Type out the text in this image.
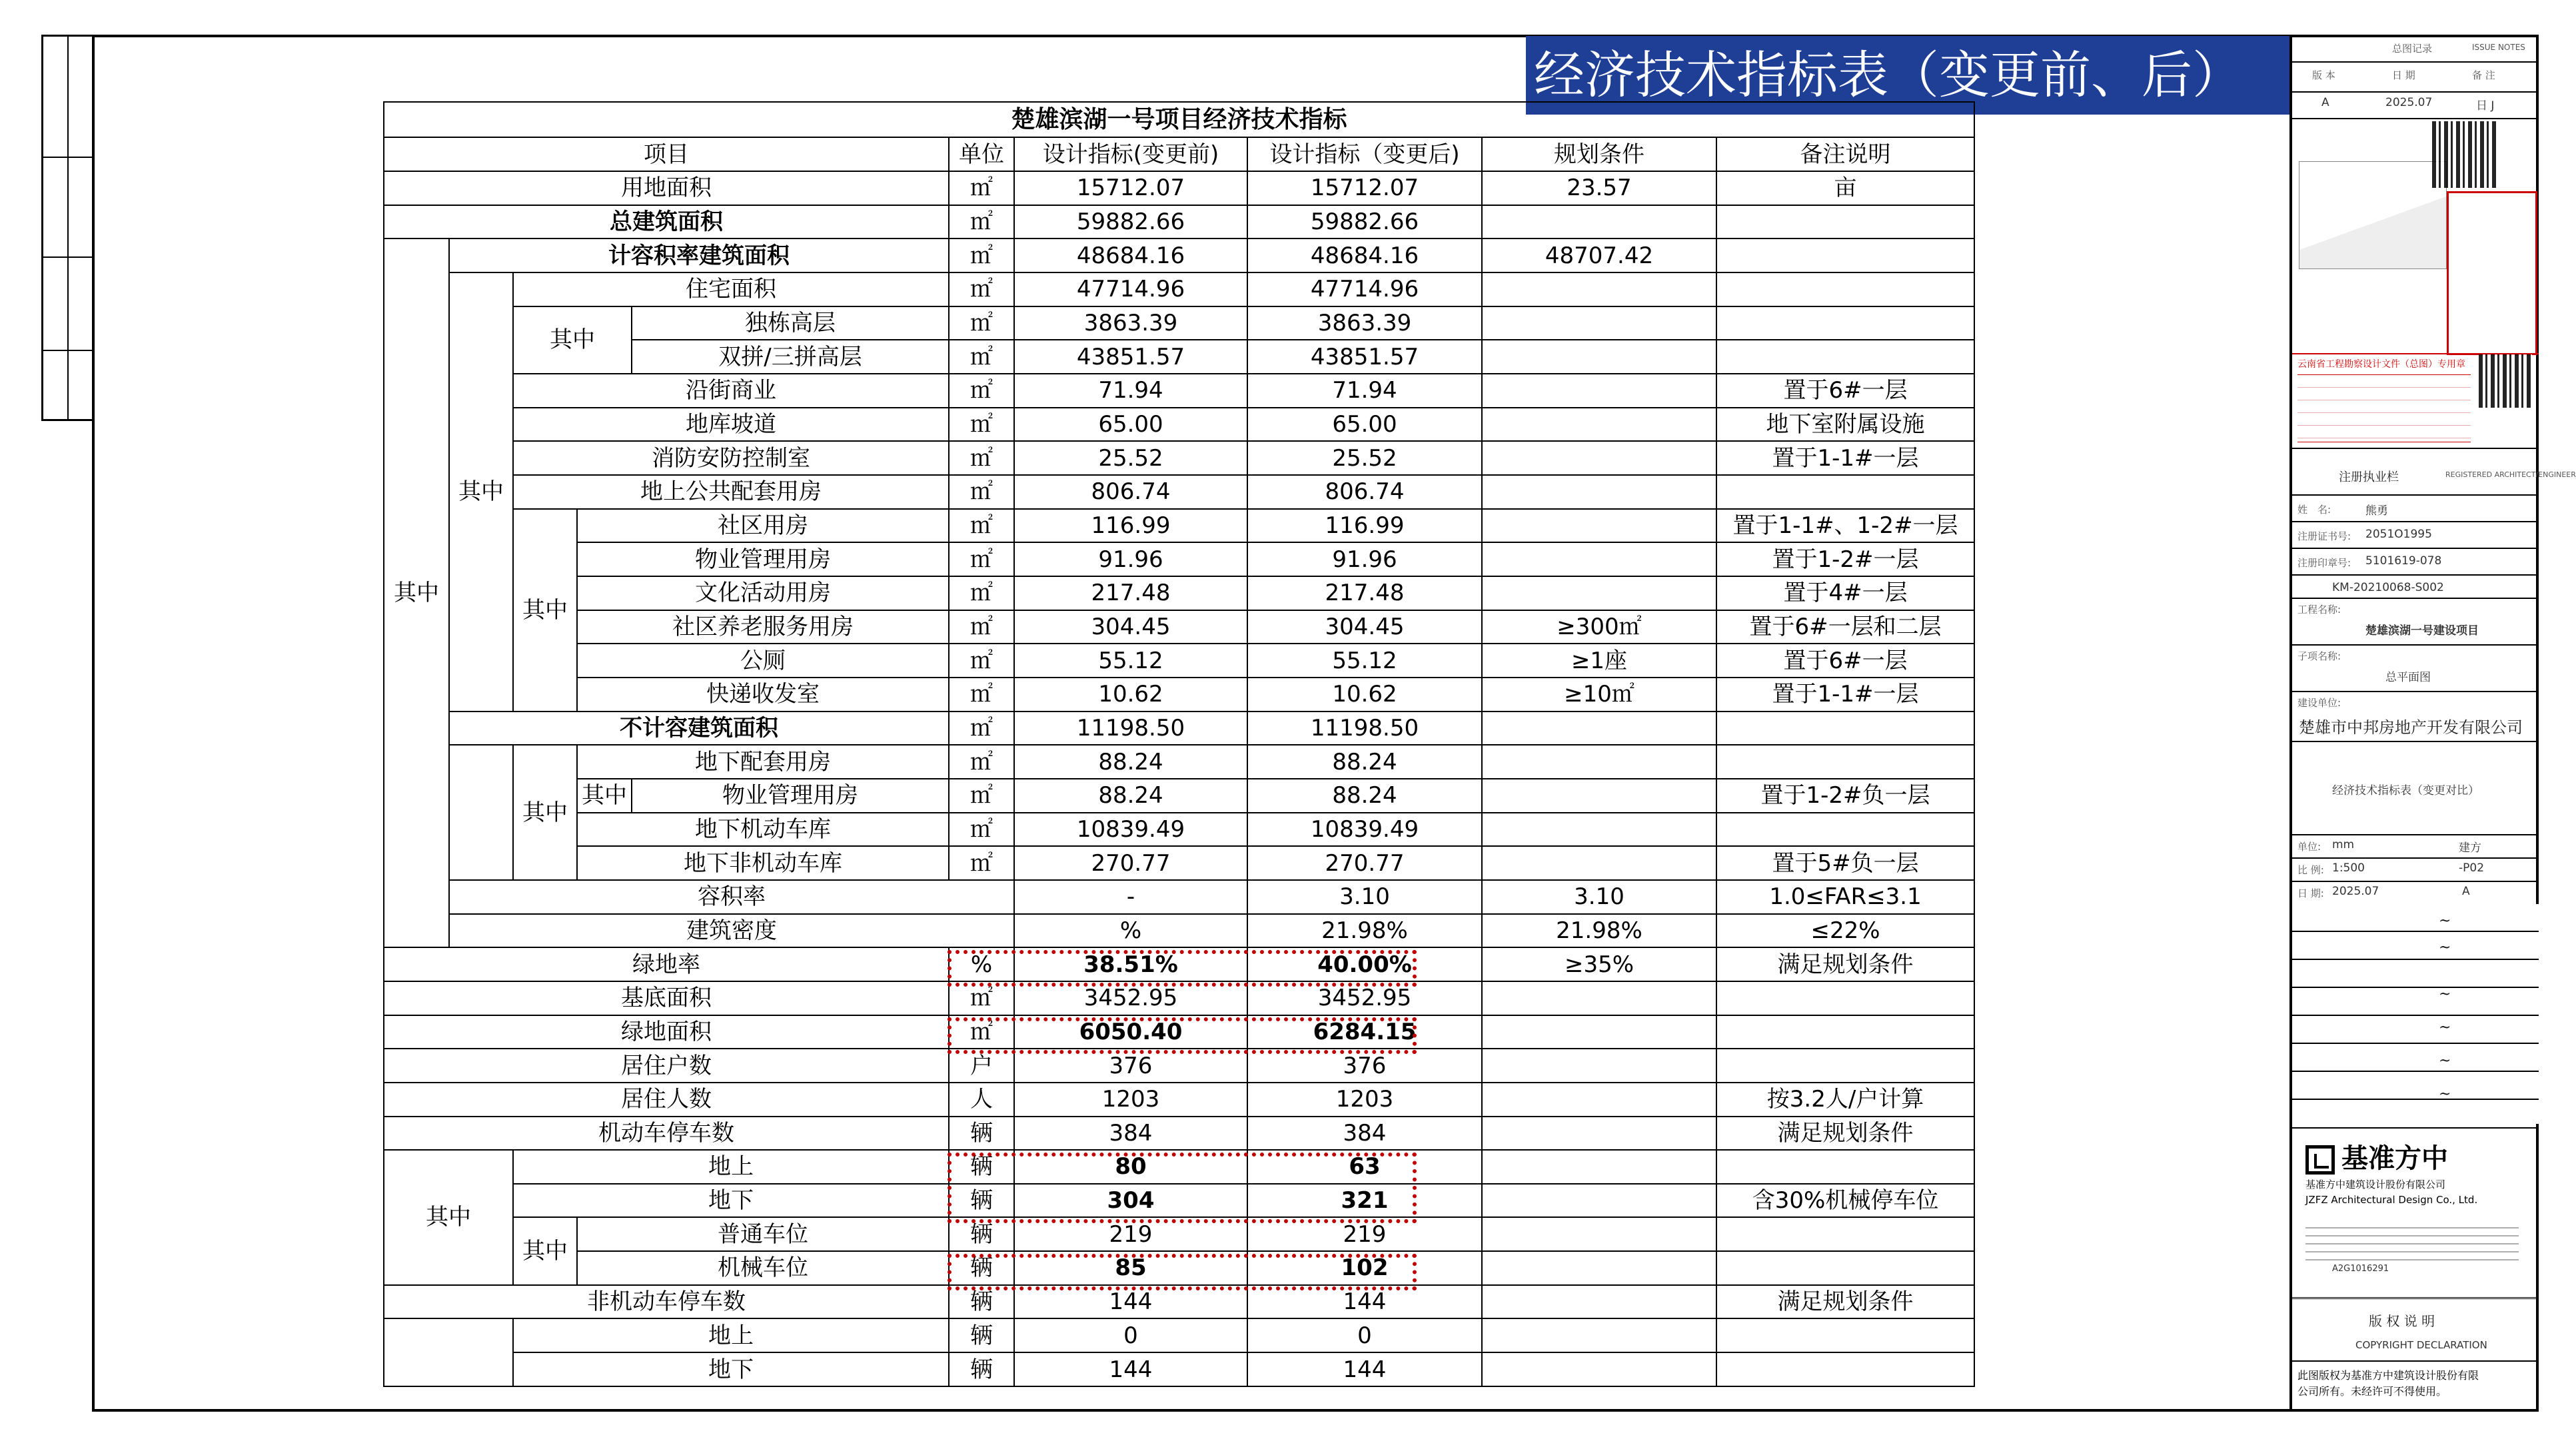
经济技术指标表（变更前、后）
楚雄滨湖一号项目经济技术指标										
项目					单位	设计指标(变更前)	设计指标（变更后)	规划条件	备注说明	
用地面积					㎡	15712.07	15712.07	23.57	亩	
总建筑面积					㎡	59882.66	59882.66			
其中	计容积率建筑面积				㎡	48684.16	48684.16	48707.42		
	其中	住宅面积			㎡	47714.96	47714.96			
		其中		独栋高层	㎡	3863.39	3863.39			
				双拼/三拼高层	㎡	43851.57	43851.57			
		沿街商业			㎡	71.94	71.94		置于6#一层	
		地库坡道			㎡	65.00	65.00		地下室附属设施	
		消防安防控制室			㎡	25.52	25.52		置于1-1#一层	
		地上公共配套用房			㎡	806.74	806.74			
		其中	社区用房		㎡	116.99	116.99		置于1-1#、1-2#一层	
			物业管理用房		㎡	91.96	91.96		置于1-2#一层	
			文化活动用房		㎡	217.48	217.48		置于4#一层	
			社区养老服务用房		㎡	304.45	304.45	≥300㎡	置于6#一层和二层	
			公厕		㎡	55.12	55.12	≥1座	置于6#一层	
			快递收发室		㎡	10.62	10.62	≥10㎡	置于1-1#一层	
	不计容建筑面积				㎡	11198.50	11198.50			
		其中	地下配套用房		㎡	88.24	88.24			
			其中	物业管理用房	㎡	88.24	88.24		置于1-2#负一层	
			地下机动车库		㎡	10839.49	10839.49			
			地下非机动车库		㎡	270.77	270.77		置于5#负一层	
	容积率					-	3.10	3.10	1.0≤FAR≤3.1	
	建筑密度					%	21.98%	21.98%	≤22%	
绿地率					%	38.51%	40.00%	≥35%	满足规划条件	
基底面积					㎡	3452.95	3452.95			
绿地面积					㎡	6050.40	6284.15			
居住户数					户	376	376			
居住人数					人	1203	1203		按3.2人/户计算	
机动车停车数					辆	384	384		满足规划条件	
其中		地上			辆	80	63			
		地下			辆	304	321		含30%机械停车位	
		其中	普通车位		辆	219	219			
			机械车位		辆	85	102			
非机动车停车数					辆	144	144		满足规划条件	
		地上			辆	0	0			
		地下			辆	144	144			
总图记录	ISSUE NOTES
版 本	日 期	备 注
A	2025.07	日 J
云南省工程勘察设计文件（总图）专用章
注册执业栏	REGISTERED ARCHITECT/ENGINEER
姓　名:	熊勇
注册证书号: 2051O1995
注册印章号: 5101619-078
KM-20210068-S002
工程名称:
楚雄滨湖一号建设项目
子项名称:
总平面图
建设单位:
楚雄市中邦房地产开发有限公司
经济技术指标表（变更对比）
单位: mm	建方
比 例: 1:500	-P02
日 期: 2025.07	A
~
~
~
~
~
~
基准方中
基准方中建筑设计股份有限公司
JZFZ Architectural Design Co., Ltd.
A2G1016291
版 权 说 明
COPYRIGHT DECLARATION
此图版权为基准方中建筑设计股份有限
公司所有。未经许可不得使用。
